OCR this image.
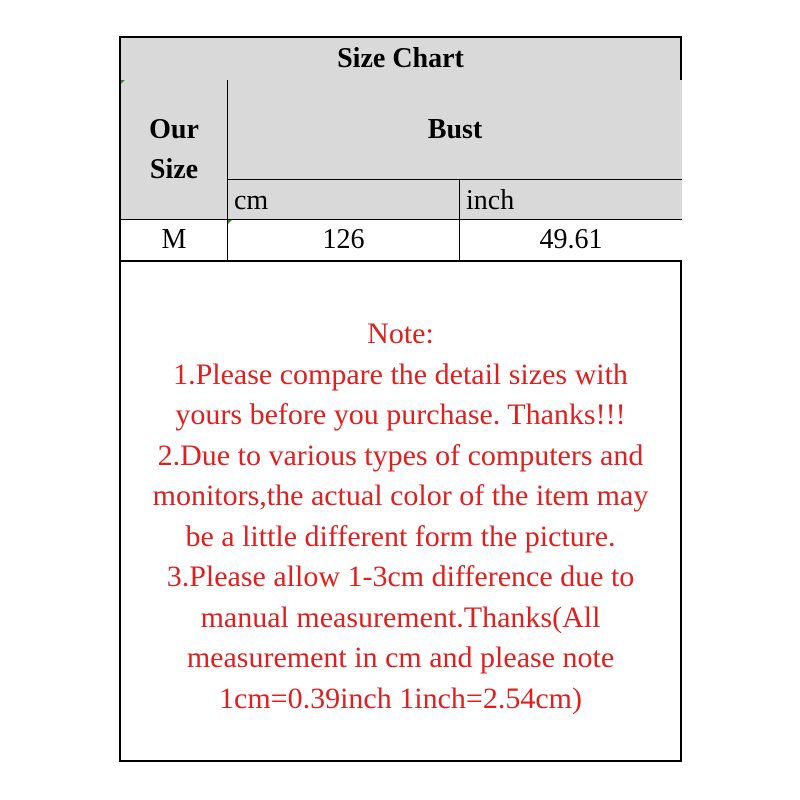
Size Chart
Our
Size
Bust
cm	inch
M	126	49.61
Note:
1.Please compare the detail sizes with
yours before you purchase. Thanks!!!
2.Due to various types of computers and
monitors,the actual color of the item may
be a little different form the picture.
3.Please allow 1-3cm difference due to
manual measurement.Thanks(All
measurement in cm and please note
1cm=0.39inch 1inch=2.54cm)
